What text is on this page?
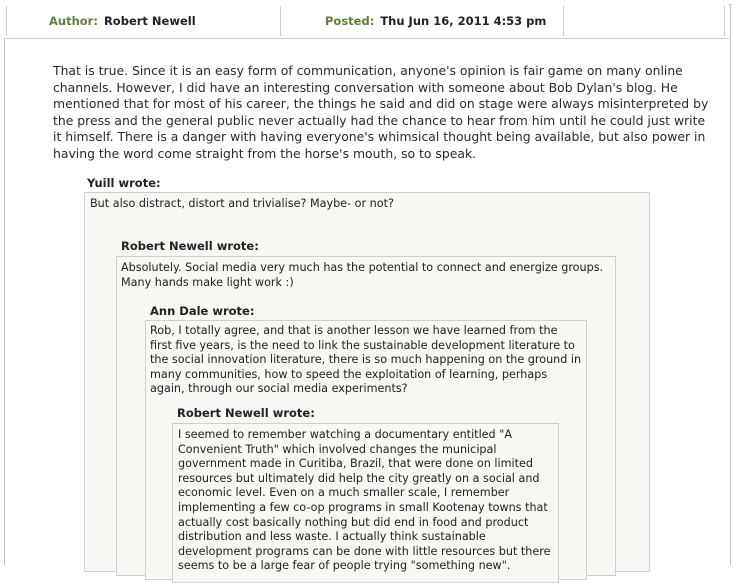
Author: Robert Newell	Posted: Thu Jun 16, 2011 4:53 pm
That is true. Since it is an easy form of communication, anyone's opinion is fair game on many online channels. However, I did have an interesting conversation with someone about Bob Dylan's blog. He mentioned that for most of his career, the things he said and did on stage were always misinterpreted by the press and the general public never actually had the chance to hear from him until he could just write it himself. There is a danger with having everyone's whimsical thought being available, but also power in having the word come straight from the horse's mouth, so to speak.
Yuill wrote:
But also distract, distort and trivialise? Maybe- or not?
Robert Newell wrote:
Absolutely. Social media very much has the potential to connect and energize groups. Many hands make light work :)
Ann Dale wrote:
Rob, I totally agree, and that is another lesson we have learned from the first five years, is the need to link the sustainable development literature to the social innovation literature, there is so much happening on the ground in many communities, how to speed the exploitation of learning, perhaps again, through our social media experiments?
Robert Newell wrote:
I seemed to remember watching a documentary entitled "A Convenient Truth" which involved changes the municipal government made in Curitiba, Brazil, that were done on limited resources but ultimately did help the city greatly on a social and economic level. Even on a much smaller scale, I remember implementing a few co-op programs in small Kootenay towns that actually cost basically nothing but did end in food and product distribution and less waste. I actually think sustainable development programs can be done with little resources but there seems to be a large fear of people trying "something new".
